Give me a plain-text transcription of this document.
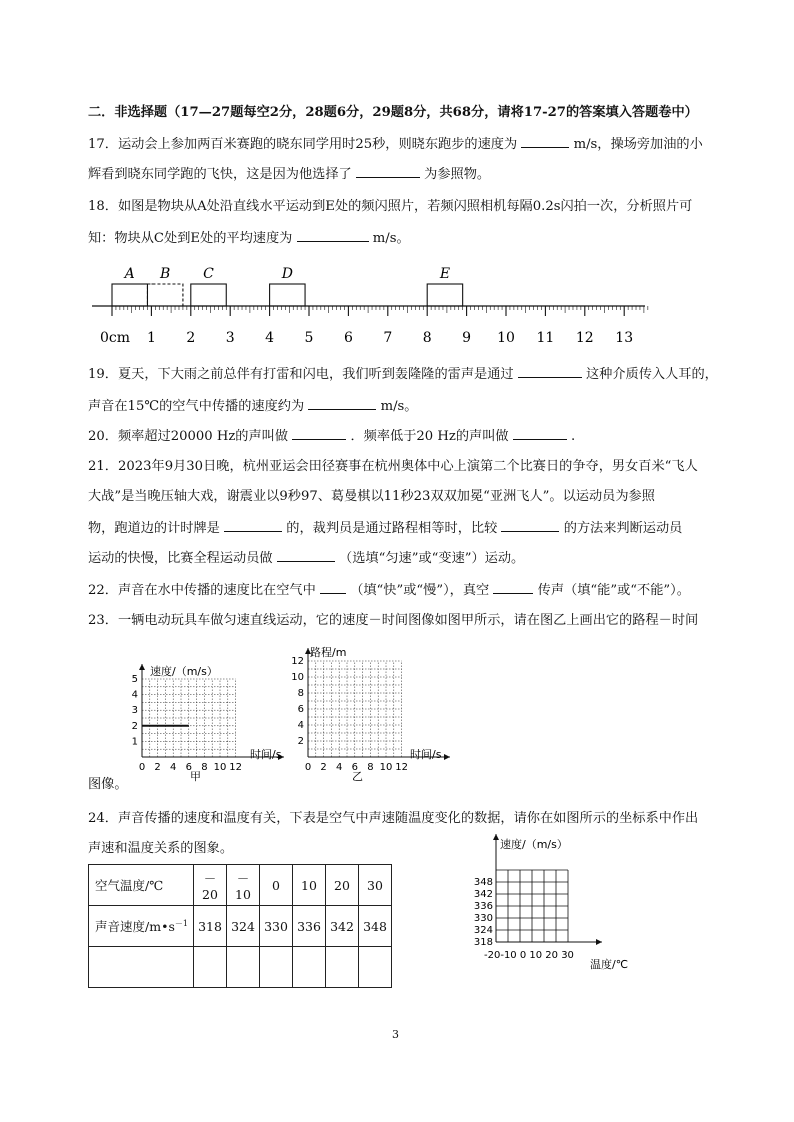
二．非选择题（17—27题每空2分，28题6分，29题8分，共68分，请将17-27的答案填入答题卷中）
17．运动会上参加两百米赛跑的晓东同学用时25秒，则晓东跑步的速度为	m/s，操场旁加油的小
辉看到晓东同学跑的飞快，这是因为他选择了	为参照物。
18．如图是物块从A处沿直线水平运动到E处的频闪照片，若频闪照相机每隔0.2s闪拍一次，分析照片可
知：物块从C处到E处的平均速度为	m/s。
0cm 1 2 3 4 5 6 7 8 9 10 11 12 13
A B C	D	E
19．夏天，下大雨之前总伴有打雷和闪电，我们听到轰隆隆的雷声是通过	这种介质传入人耳的，
声音在15℃的空气中传播的速度约为	m/s。
20．频率超过20000 Hz的声叫做	．频率低于20 Hz的声叫做	.
21．2023年9月30日晚，杭州亚运会田径赛事在杭州奥体中心上演第二个比赛日的争夺，男女百米“飞人
大战”是当晚压轴大戏，谢震业以9秒97、葛曼棋以11秒23双双加冕“亚洲飞人”。以运动员为参照
物，跑道边的计时牌是	的，裁判员是通过路程相等时，比较	的方法来判断运动员
运动的快慢，比赛全程运动员做	（选填“匀速”或“变速”）运动。
22．声音在水中传播的速度比在空气中	（填“快”或“慢”），真空	传声（填“能”或“不能”）。
23．一辆电动玩具车做匀速直线运动，它的速度－时间图像如图甲所示，请在图乙上画出它的路程－时间
1
2
3
4
5
0 2 4 6 8 10 12
速度/（m/s）
时间/s
甲
2
4
6
8
10
12
0 2 4 6 8 10 12
路程/m
时间/s
乙
图像。
24．声音传播的速度和温度有关，下表是空气中声速随温度变化的数据，请你在如图所示的坐标系中作出
声速和温度关系的图象。
空气温度/℃	－20	－10	0	10	20	30
声音速度$/m•s^{-1}$	318	324	330	336	342	348

318
324
330
336
342
348
速度/（m/s）
温度/℃
-20-10 0 10 20 30
3
